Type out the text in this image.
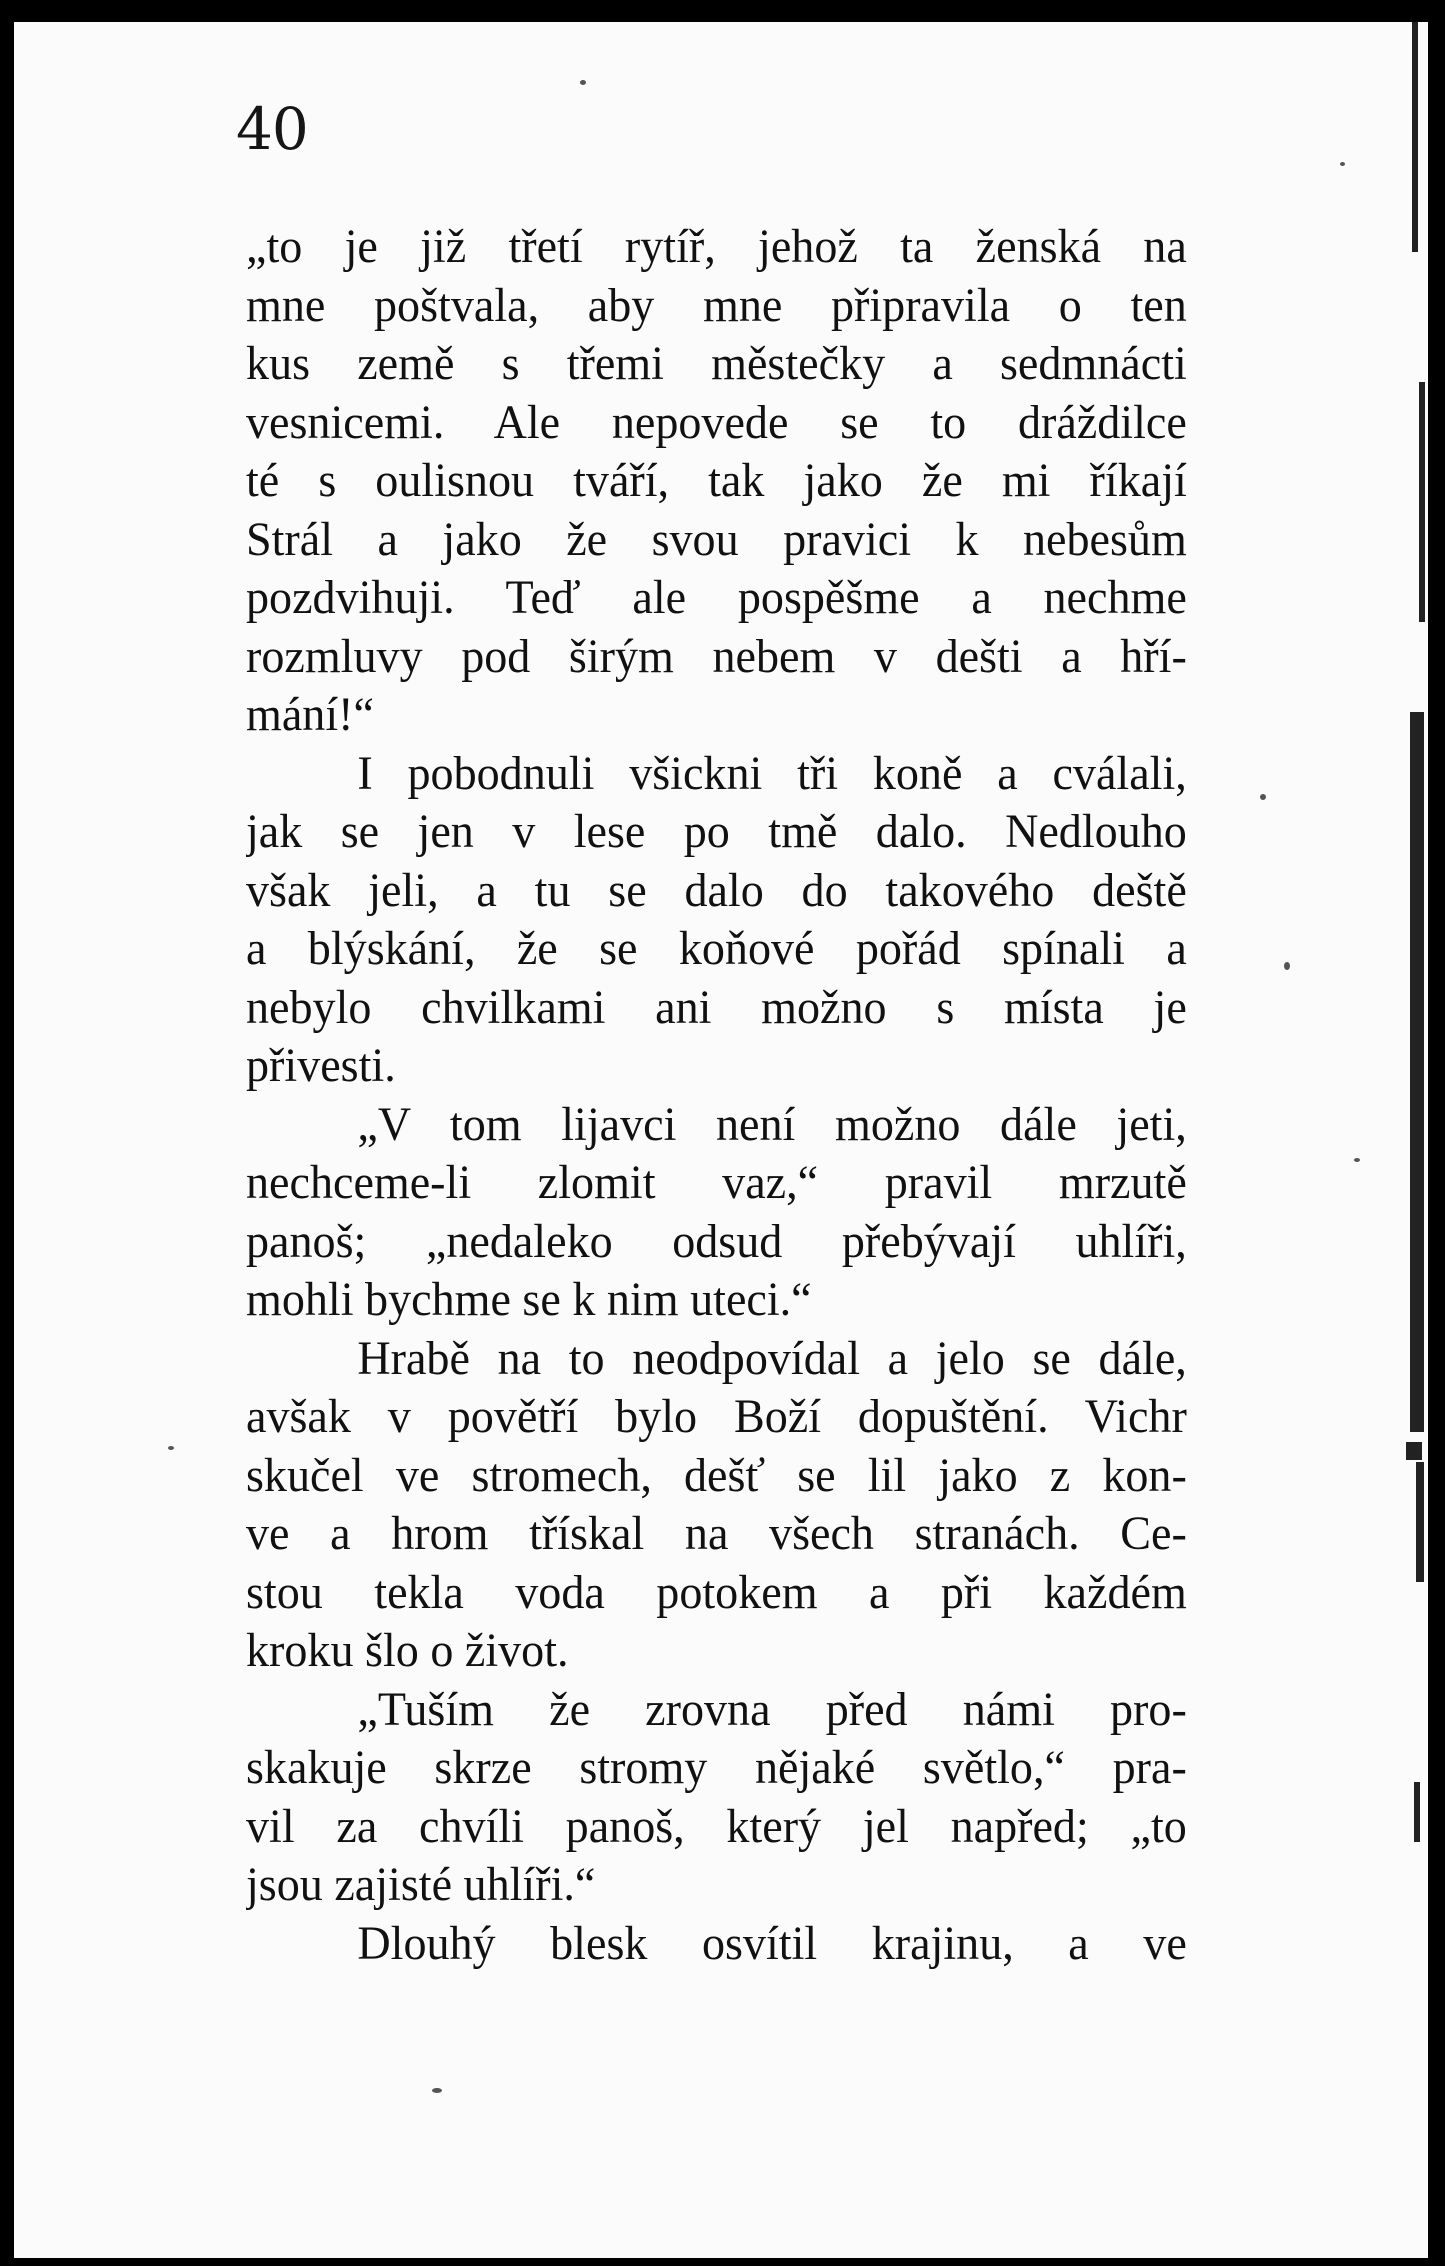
40
„to je již třetí rytíř, jehož ta ženská na
mne poštvala, aby mne připravila o ten
kus země s třemi městečky a sedmnácti
vesnicemi. Ale nepovede se to dráždilce
té s oulisnou tváří, tak jako že mi říkají
Strál a jako že svou pravici k nebesům
pozdvihuji. Teď ale pospěšme a nechme
rozmluvy pod širým nebem v dešti a hří-
mání!“
I pobodnuli všickni tři koně a cválali,
jak se jen v lese po tmě dalo. Nedlouho
však jeli, a tu se dalo do takového deště
a blýskání, že se koňové pořád spínali a
nebylo chvilkami ani možno s místa je
přivesti.
„V tom lijavci není možno dále jeti,
nechceme-li zlomit vaz,“ pravil mrzutě
panoš; „nedaleko odsud přebývají uhlíři,
mohli bychme se k nim uteci.“
Hrabě na to neodpovídal a jelo se dále,
avšak v povětří bylo Boží dopuštění. Vichr
skučel ve stromech, dešť se lil jako z kon-
ve a hrom třískal na všech stranách. Ce-
stou tekla voda potokem a při každém
kroku šlo o život.
„Tuším že zrovna před námi pro-
skakuje skrze stromy nějaké světlo,“ pra-
vil za chvíli panoš, který jel napřed; „to
jsou zajisté uhlíři.“
Dlouhý blesk osvítil krajinu, a ve
